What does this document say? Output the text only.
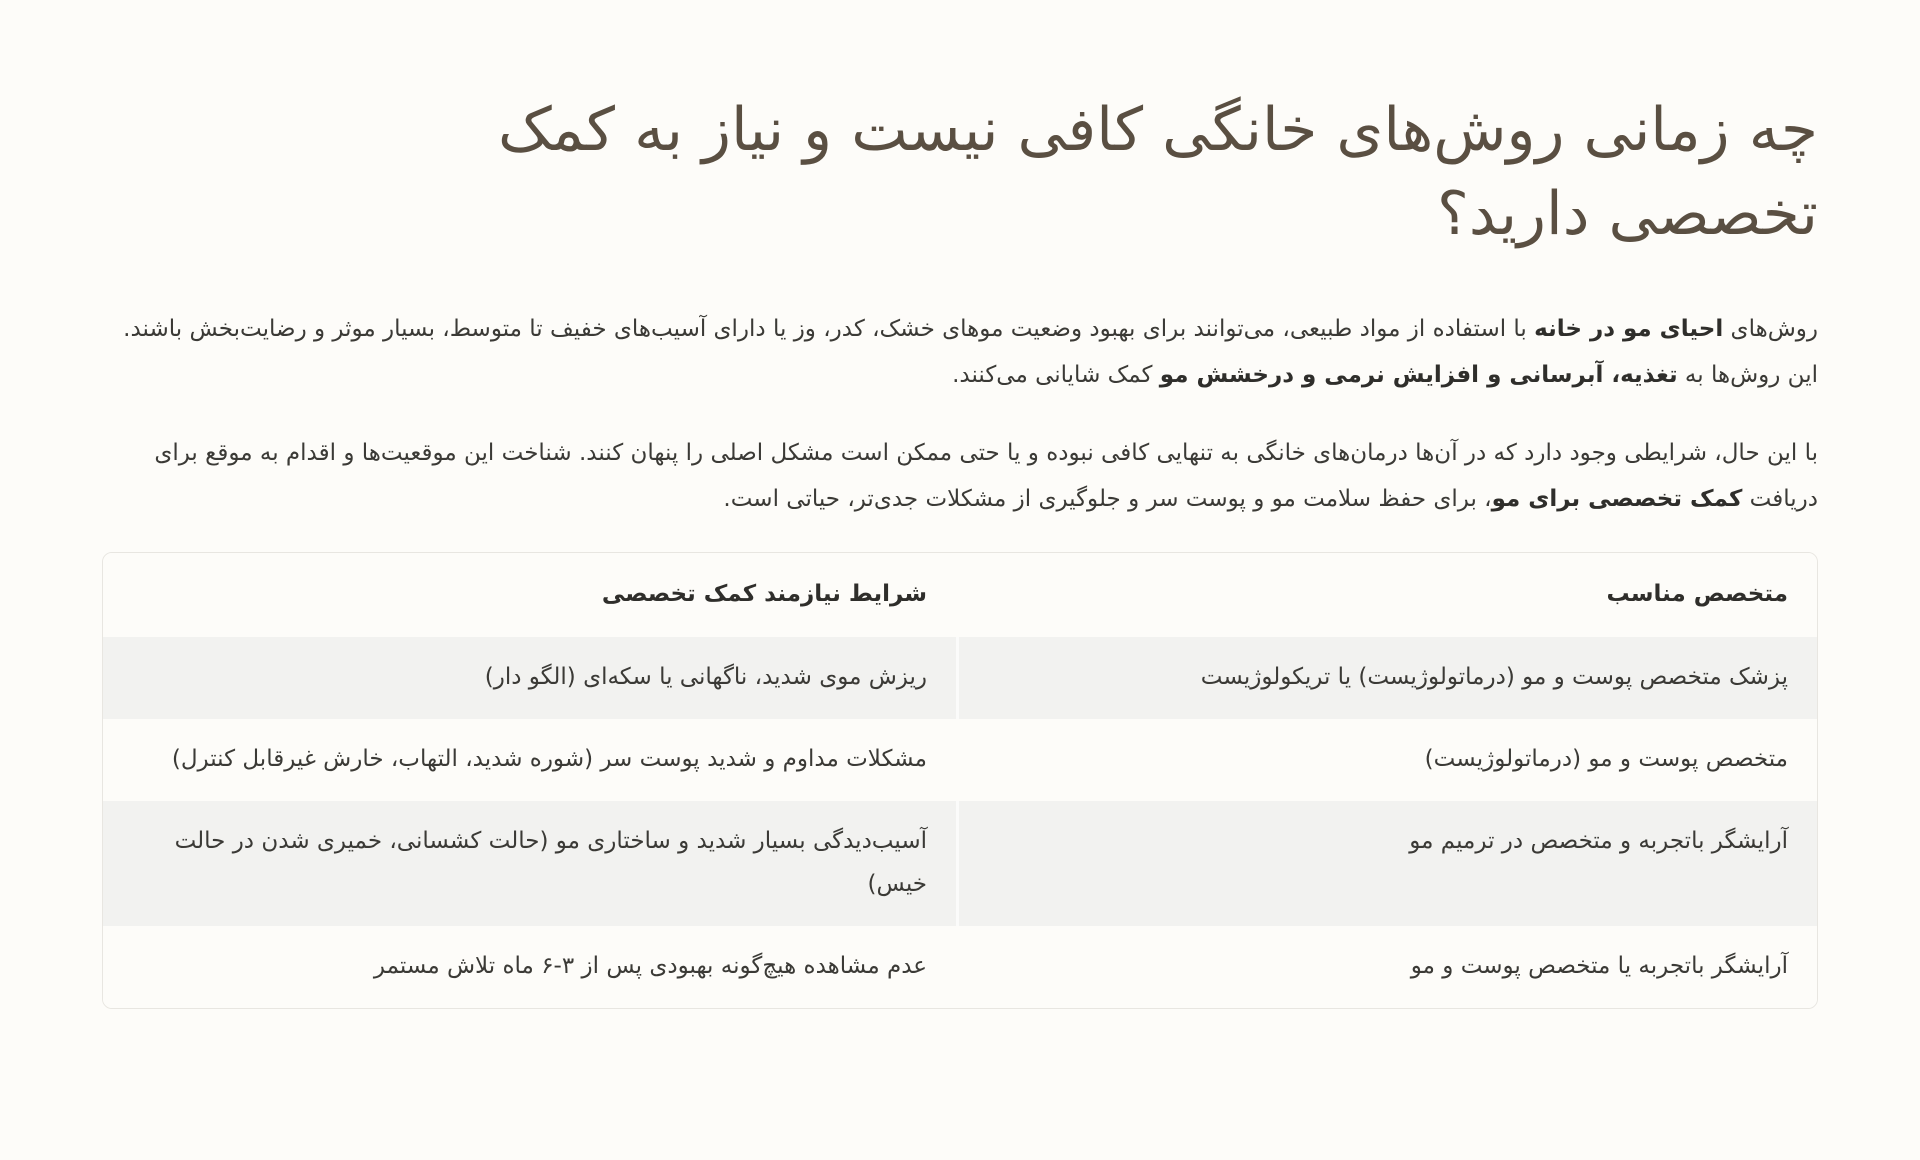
چه زمانی روش‌های خانگی کافی نیست و نیاز به کمک تخصصی دارید؟

روش‌های احیای مو در خانه با استفاده از مواد طبیعی، می‌توانند برای بهبود وضعیت موهای خشک، کدر، وز یا دارای آسیب‌های خفیف تا متوسط، بسیار موثر و رضایت‌بخش باشند. این روش‌ها به تغذیه، آبرسانی و افزایش نرمی و درخشش مو کمک شایانی می‌کنند.

با این حال، شرایطی وجود دارد که در آن‌ها درمان‌های خانگی به تنهایی کافی نبوده و یا حتی ممکن است مشکل اصلی را پنهان کنند. شناخت این موقعیت‌ها و اقدام به موقع برای دریافت کمک تخصصی برای مو، برای حفظ سلامت مو و پوست سر و جلوگیری از مشکلات جدی‌تر، حیاتی است.

متخصص مناسب	شرایط نیازمند کمک تخصصی
پزشک متخصص پوست و مو (درماتولوژیست) یا تریکولوژیست	ریزش موی شدید، ناگهانی یا سکه‌ای (الگو دار)
متخصص پوست و مو (درماتولوژیست)	مشکلات مداوم و شدید پوست سر (شوره شدید، التهاب، خارش غیرقابل کنترل)
آرایشگر باتجربه و متخصص در ترمیم مو	آسیب‌دیدگی بسیار شدید و ساختاری مو (حالت کشسانی، خمیری شدن در حالت خیس)
آرایشگر باتجربه یا متخصص پوست و مو	عدم مشاهده هیچ‌گونه بهبودی پس از ۳-۶ ماه تلاش مستمر
